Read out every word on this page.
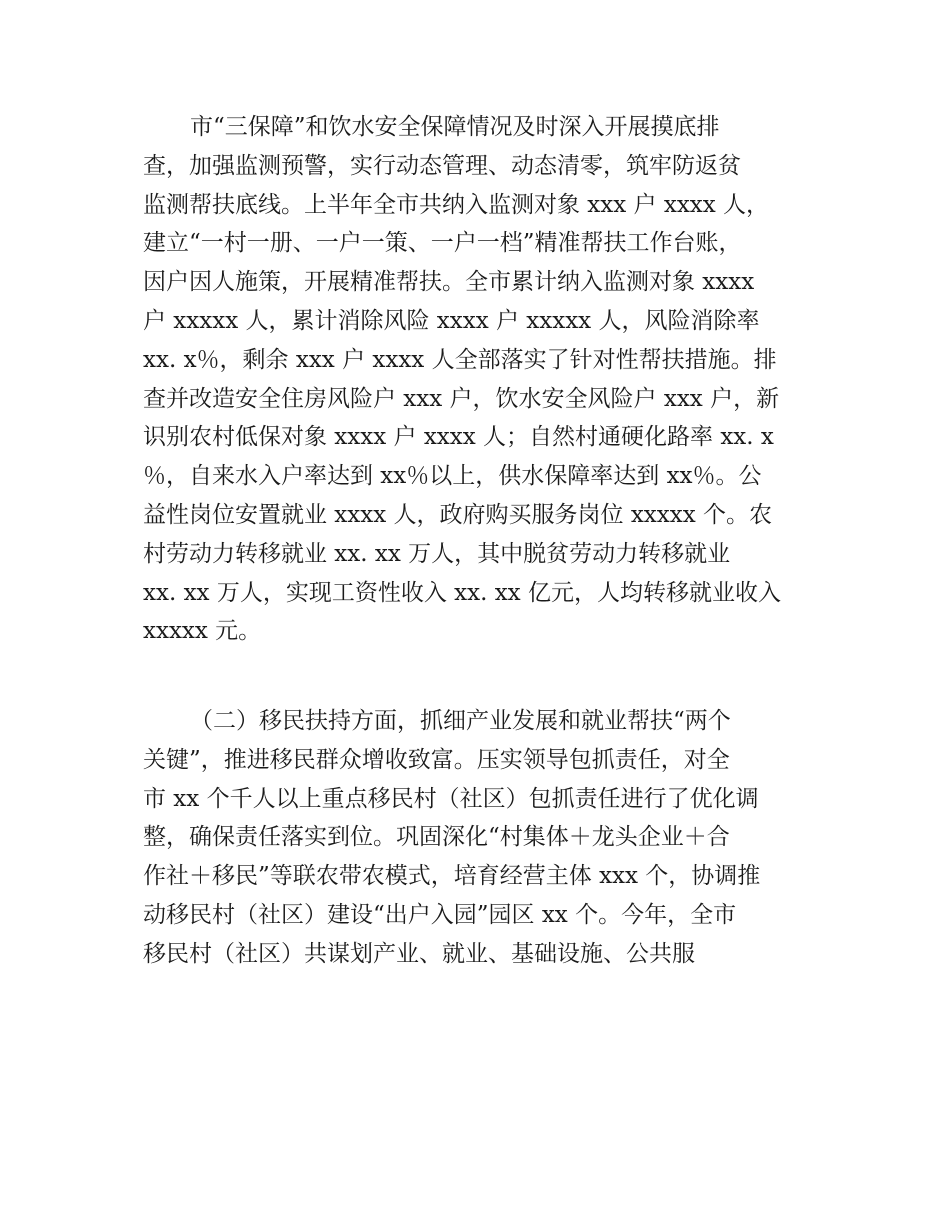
市“三保障”和饮水安全保障情况及时深入开展摸底排
查，加强监测预警，实行动态管理、动态清零，筑牢防返贫
监测帮扶底线。上半年全市共纳入监测对象 xxx 户 xxxx 人，
建立“一村一册、一户一策、一户一档”精准帮扶工作台账，
因户因人施策，开展精准帮扶。全市累计纳入监测对象 xxxx
户 xxxxx 人，累计消除风险 xxxx 户 xxxxx 人，风险消除率
xx. x％，剩余 xxx 户 xxxx 人全部落实了针对性帮扶措施。排
查并改造安全住房风险户 xxx 户，饮水安全风险户 xxx 户，新
识别农村低保对象 xxxx 户 xxxx 人；自然村通硬化路率 xx. x
％，自来水入户率达到 xx％以上，供水保障率达到 xx％。公
益性岗位安置就业 xxxx 人，政府购买服务岗位 xxxxx 个。农
村劳动力转移就业 xx. xx 万人，其中脱贫劳动力转移就业
xx. xx 万人，实现工资性收入 xx. xx 亿元，人均转移就业收入
xxxxx 元。
（二）移民扶持方面，抓细产业发展和就业帮扶“两个
关键”，推进移民群众增收致富。压实领导包抓责任，对全
市 xx 个千人以上重点移民村（社区）包抓责任进行了优化调
整，确保责任落实到位。巩固深化“村集体＋龙头企业＋合
作社＋移民”等联农带农模式，培育经营主体 xxx 个，协调推
动移民村（社区）建设“出户入园”园区 xx 个。今年，全市
移民村（社区）共谋划产业、就业、基础设施、公共服
